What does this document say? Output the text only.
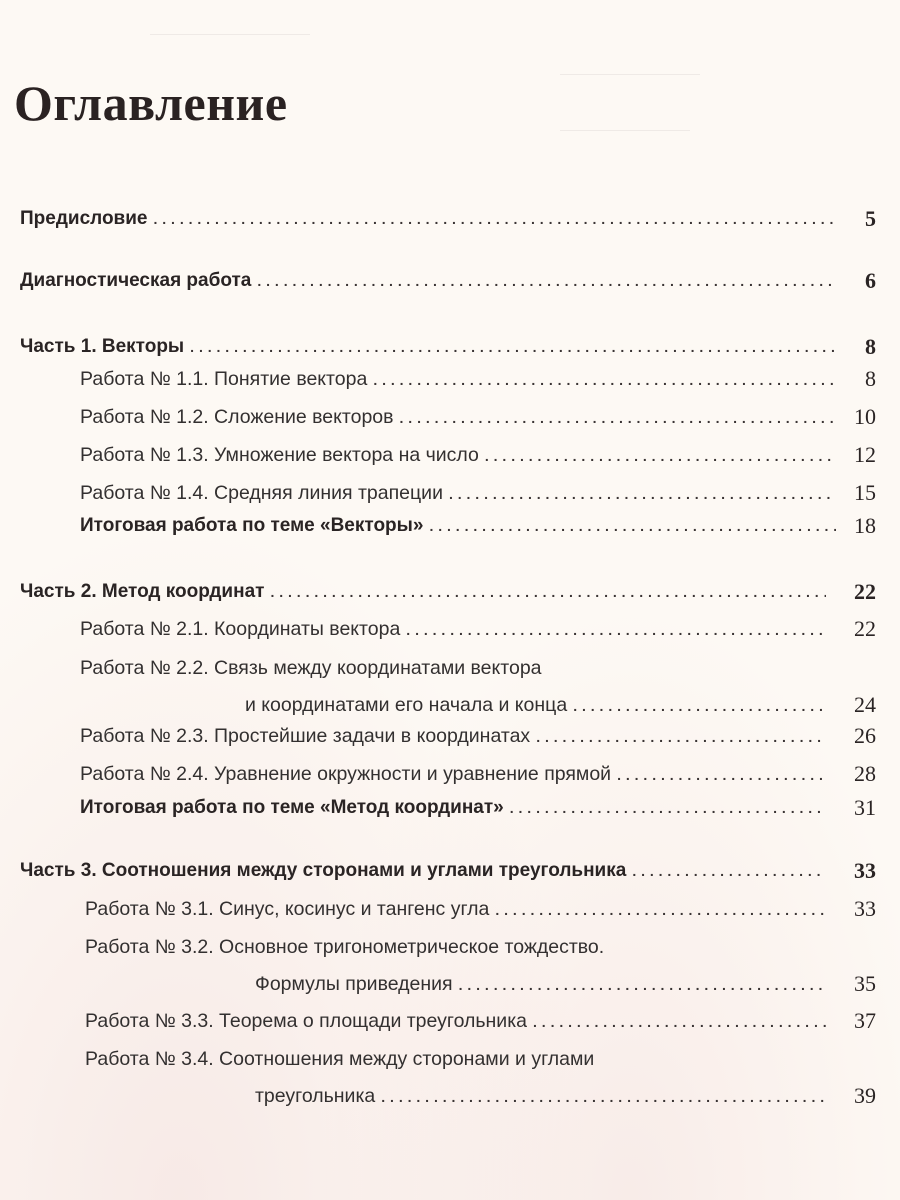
Оглавление
Предисловие . . .	5
Диагностическая работа . . .	6
Часть 1. Векторы . . .	8
Работа № 1.1. Понятие вектора . . .	8
Работа № 1.2. Сложение векторов . . .	10
Работа № 1.3. Умножение вектора на число . . .	12
Работа № 1.4. Средняя линия трапеции . . .	15
Итоговая работа по теме «Векторы» . . .	18
Часть 2. Метод координат . . .	22
Работа № 2.1. Координаты вектора . . .	22
Работа № 2.2. Связь между координатами вектора
и координатами его начала и конца . . .	24
Работа № 2.3. Простейшие задачи в координатах . . .	26
Работа № 2.4. Уравнение окружности и уравнение прямой . . .	28
Итоговая работа по теме «Метод координат» . . .	31
Часть 3. Соотношения между сторонами и углами треугольника . . .	33
Работа № 3.1. Синус, косинус и тангенс угла . . .	33
Работа № 3.2. Основное тригонометрическое тождество.
Формулы приведения . . .	35
Работа № 3.3. Теорема о площади треугольника . . .	37
Работа № 3.4. Соотношения между сторонами и углами
треугольника . . .	39
